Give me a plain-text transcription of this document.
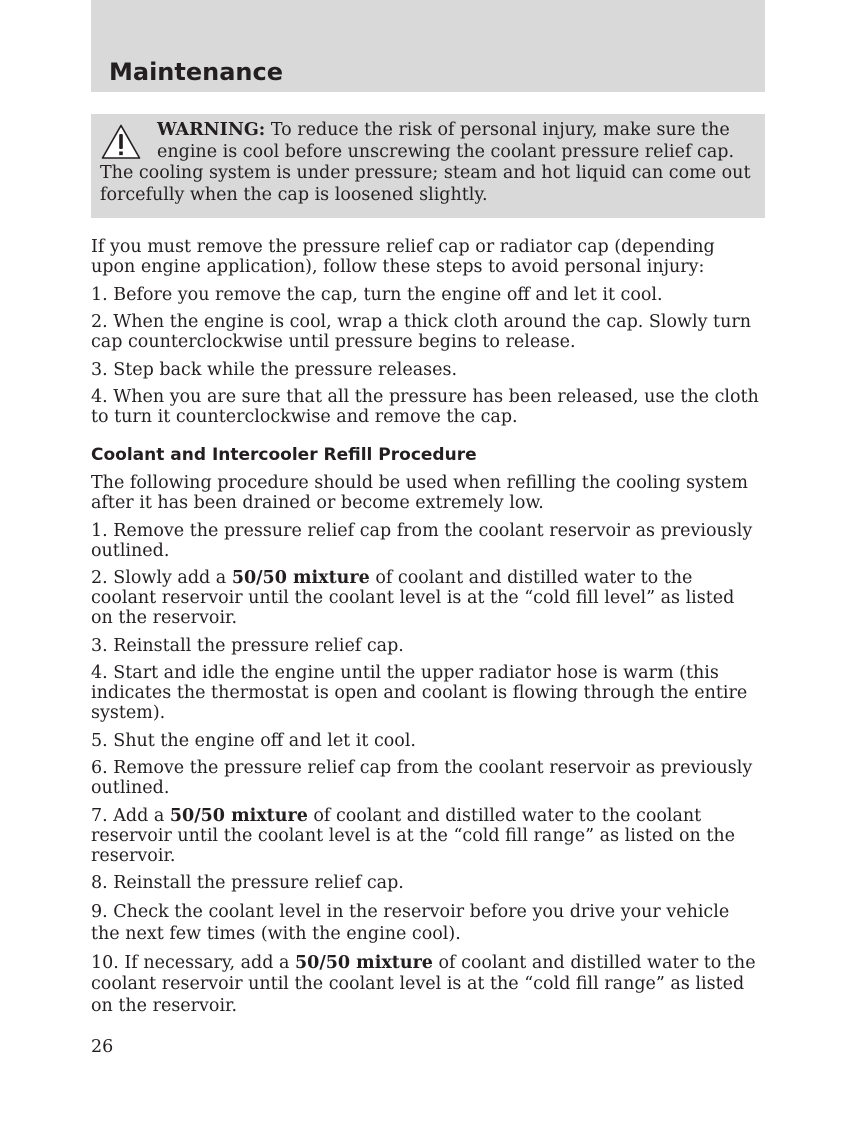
Maintenance
WARNING: To reduce the risk of personal injury, make sure the engine is cool before unscrewing the coolant pressure relief cap. The cooling system is under pressure; steam and hot liquid can come out forcefully when the cap is loosened slightly.

If you must remove the pressure relief cap or radiator cap (depending upon engine application), follow these steps to avoid personal injury:

1. Before you remove the cap, turn the engine off and let it cool.

2. When the engine is cool, wrap a thick cloth around the cap. Slowly turn cap counterclockwise until pressure begins to release.

3. Step back while the pressure releases.

4. When you are sure that all the pressure has been released, use the cloth to turn it counterclockwise and remove the cap.

Coolant and Intercooler Refill Procedure

The following procedure should be used when refilling the cooling system after it has been drained or become extremely low.

1. Remove the pressure relief cap from the coolant reservoir as previously outlined.

2. Slowly add a 50/50 mixture of coolant and distilled water to the coolant reservoir until the coolant level is at the “cold fill level” as listed on the reservoir.

3. Reinstall the pressure relief cap.

4. Start and idle the engine until the upper radiator hose is warm (this indicates the thermostat is open and coolant is flowing through the entire system).

5. Shut the engine off and let it cool.

6. Remove the pressure relief cap from the coolant reservoir as previously outlined.

7. Add a 50/50 mixture of coolant and distilled water to the coolant reservoir until the coolant level is at the “cold fill range” as listed on the reservoir.

8. Reinstall the pressure relief cap.

9. Check the coolant level in the reservoir before you drive your vehicle the next few times (with the engine cool).

10. If necessary, add a 50/50 mixture of coolant and distilled water to the coolant reservoir until the coolant level is at the “cold fill range” as listed on the reservoir.

26
